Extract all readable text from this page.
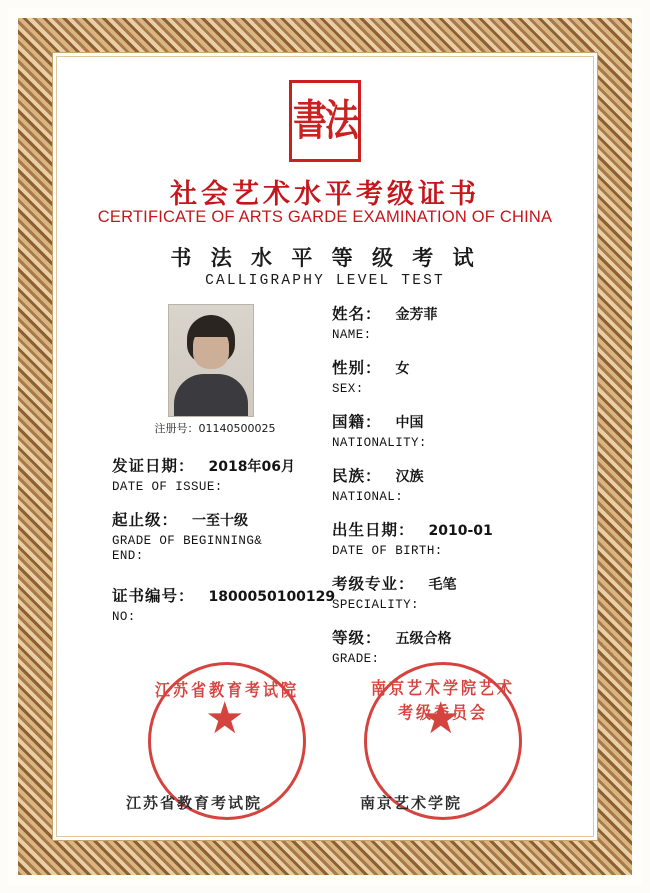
書法
社会艺术水平考级证书
CERTIFICATE OF ARTS GARDE EXAMINATION OF CHINA
书 法 水 平 等 级 考 试
CALLIGRAPHY LEVEL TEST
注册号：01140500025
发证日期： 2018年06月
DATE OF ISSUE:
起止级： 一至十级
GRADE OF BEGINNING&
END:
证书编号： 1800050100129
NO:
姓名： 金芳菲
NAME:
性别： 女
SEX:
国籍： 中国
NATIONALITY:
民族： 汉族
NATIONAL:
出生日期： 2010-01
DATE OF BIRTH:
考级专业： 毛笔
SPECIALITY:
等级： 五级合格
GRADE:
江苏省教育考试院	南京艺术学院艺术考级委员会
江苏省教育考试院	南京艺术学院
